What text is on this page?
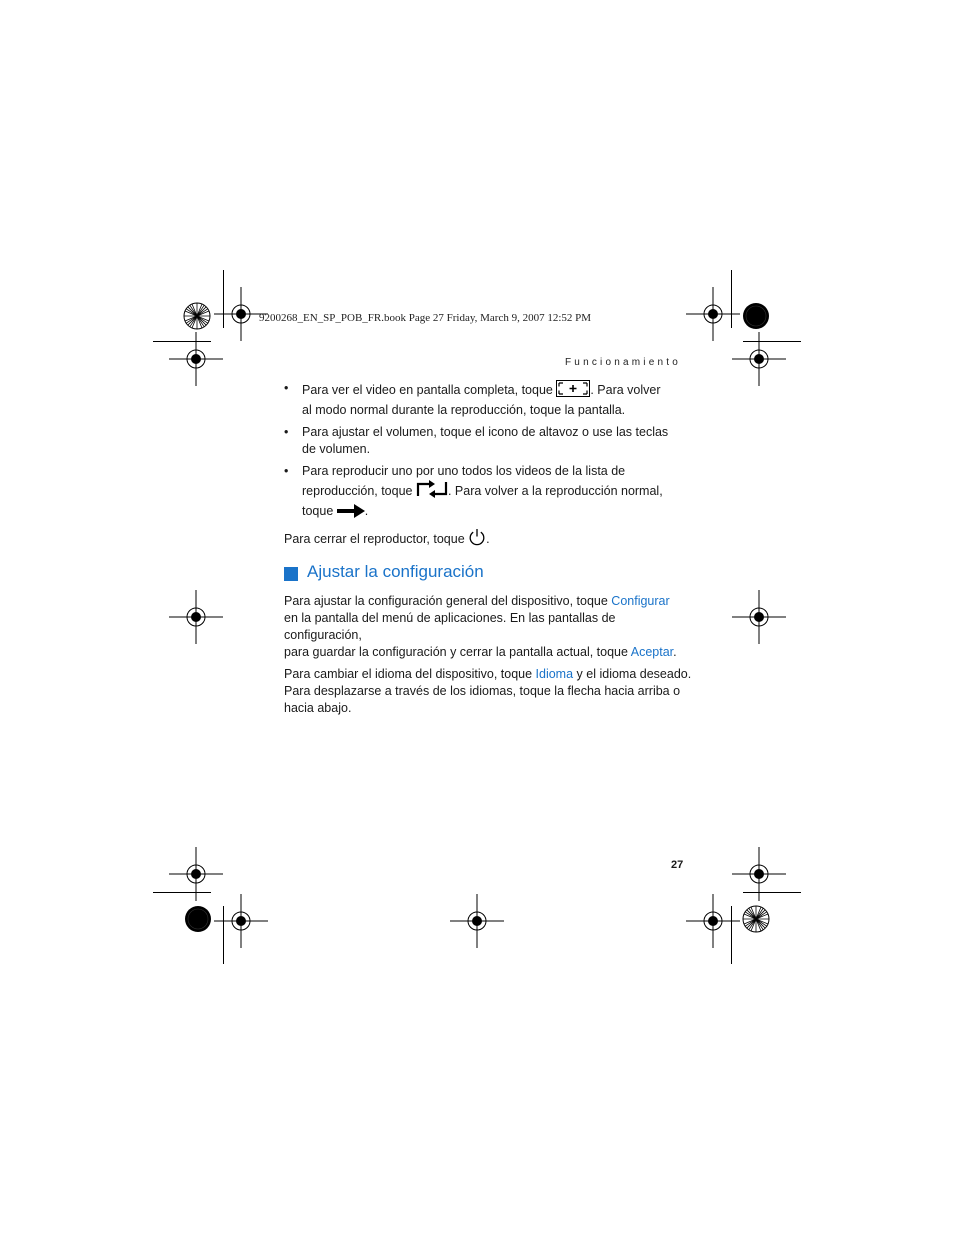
9200268_EN_SP_POB_FR.book Page 27 Friday, March 9, 2007 12:52 PM
Funcionamiento
• Para ver el video en pantalla completa, toque	. Para volver
al modo normal durante la reproducción, toque la pantalla.
• Para ajustar el volumen, toque el icono de altavoz o use las teclas
de volumen.
• Para reproducir uno por uno todos los videos de la lista de
reproducción, toque	. Para volver a la reproducción normal,
toque	.

Para cerrar el reproductor, toque .

Ajustar la configuración

Para ajustar la configuración general del dispositivo, toque Configurar
en la pantalla del menú de aplicaciones. En las pantallas de configuración,
para guardar la configuración y cerrar la pantalla actual, toque Aceptar.

Para cambiar el idioma del dispositivo, toque Idioma y el idioma deseado.
Para desplazarse a través de los idiomas, toque la flecha hacia arriba o
hacia abajo.

27
